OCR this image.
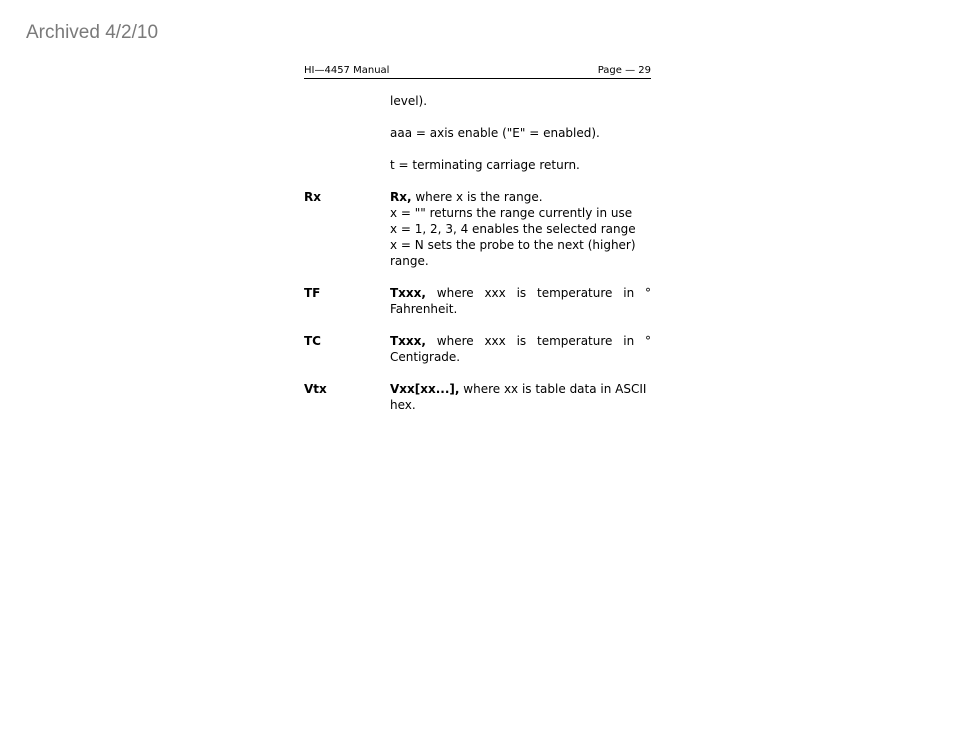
Archived 4/2/10
HI—4457 Manual	Page — 29

level).

aaa = axis enable ("E" = enabled).

t = terminating carriage return.
Rx	Rx, where x is the range.
x = "" returns the range currently in use
x = 1, 2, 3, 4 enables the selected range
x = N sets the probe to the next (higher)
range.
TF	Txxx, where xxx is temperature in °
Fahrenheit.
TC	Txxx, where xxx is temperature in °
Centigrade.
Vtx	Vxx[xx...], where xx is table data in ASCII
hex.
